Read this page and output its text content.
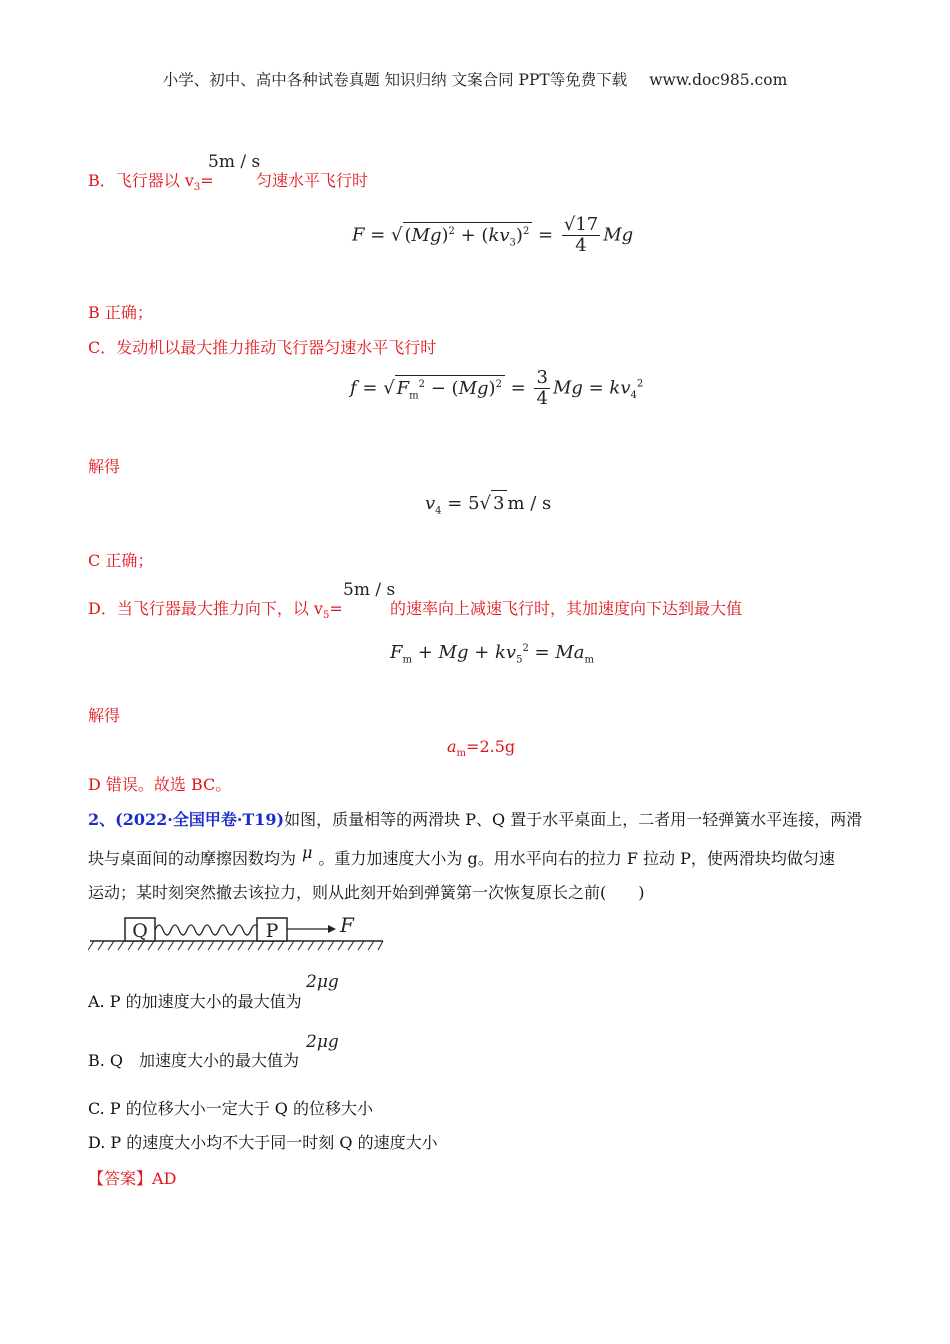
小学、初中、高中各种试卷真题 知识归纳 文案合同 PPT等免费下载 www.doc985.com
B．飞行器以 $v_3=$
5m / s
匀速水平飞行时
F = √ $(Mg)^2 + (kv_3)^2 = \frac{√17}{4}$ Mg
B 正确；
C．发动机以最大推力推动飞行器匀速水平飞行时
f = √ $F_m^2 - (Mg)^2 = \frac{3}{4}$ $Mg = kv_4^2$
解得
$v_4 = 5√$ 3 m / s
C 正确；
D．当飞行器最大推力向下，以 $v_5=$
5m / s
的速率向上减速飞行时，其加速度向下达到最大值
$F_m + Mg + kv_5^2 = Ma_m$
解得
$a_m=2.5g$
D 错误。故选 BC。
2、(2022·全国甲卷·T19)如图，质量相等的两滑块 P、Q 置于水平桌面上，二者用一轻弹簧水平连接，两滑
块与桌面间的动摩擦因数均为 μ 。重力加速度大小为 g。用水平向右的拉力 F 拉动 P，使两滑块均做匀速
运动；某时刻突然撤去该拉力，则从此刻开始到弹簧第一次恢复原长之前(　　)
Q	P	F
A. P 的加速度大小的最大值为
2μg
B. Q　加速度大小的最大值为
2μg
C. P 的位移大小一定大于 Q 的位移大小
D. P 的速度大小均不大于同一时刻 Q 的速度大小
【答案】AD
